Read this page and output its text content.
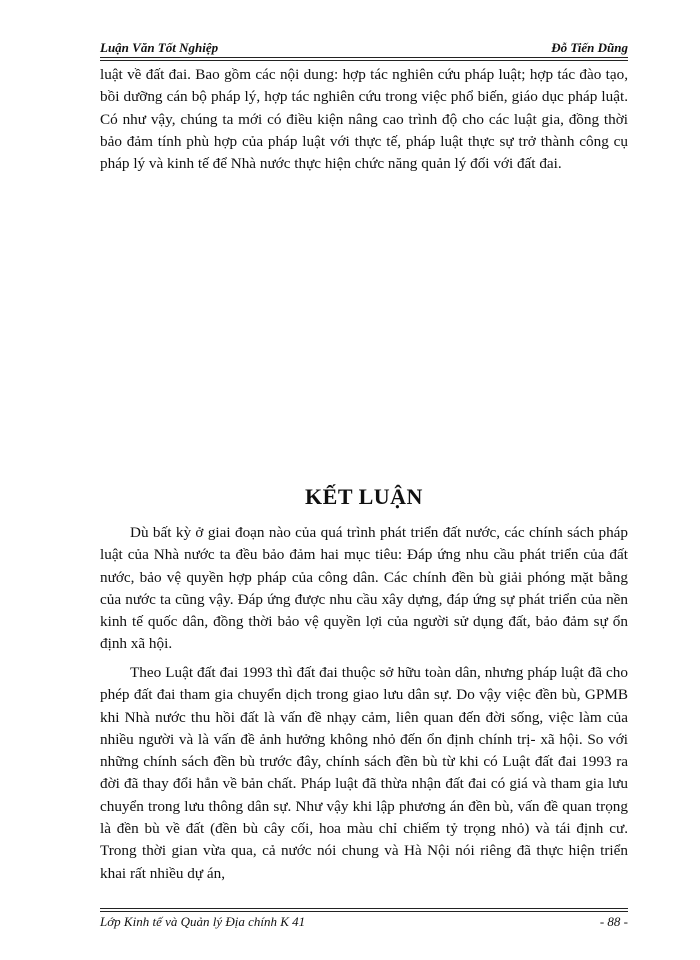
Luận Văn Tốt Nghiệp	Đỗ Tiến Dũng
luật về đất đai. Bao gồm các nội dung: hợp tác nghiên cứu pháp luật; hợp tác đào tạo, bồi dưỡng cán bộ pháp lý, hợp tác nghiên cứu trong việc phổ biến, giáo dục pháp luật. Có như vậy, chúng ta mới có điều kiện nâng cao trình độ cho các luật gia, đồng thời bảo đảm tính phù hợp của pháp luật với thực tế, pháp luật thực sự trở thành công cụ pháp lý và kinh tế để Nhà nước thực hiện chức năng quản lý đối với đất đai.
KẾT LUẬN
Dù bất kỳ ở giai đoạn nào của quá trình phát triển đất nước, các chính sách pháp luật của Nhà nước ta đều bảo đảm hai mục tiêu: Đáp ứng nhu cầu phát triển của đất nước, bảo vệ quyền hợp pháp của công dân. Các chính đền bù giải phóng mặt bằng của nước ta cũng vậy. Đáp ứng được nhu cầu xây dựng, đáp ứng sự phát triển của nền kinh tế quốc dân, đồng thời bảo vệ quyền lợi của người sử dụng đất, bảo đảm sự ổn định xã hội.
Theo Luật đất đai 1993 thì đất đai thuộc sở hữu toàn dân, nhưng pháp luật đã cho phép đất đai tham gia chuyển dịch trong giao lưu dân sự. Do vậy việc đền bù, GPMB khi Nhà nước thu hồi đất là vấn đề nhạy cảm, liên quan đến đời sống, việc làm của nhiều người và là vấn đề ảnh hưởng không nhỏ đến ổn định chính trị- xã hội. So với những chính sách đền bù trước đây, chính sách đền bù từ khi có Luật đất đai 1993 ra đời đã thay đổi hẳn về bản chất. Pháp luật đã thừa nhận đất đai có giá và tham gia lưu chuyển trong lưu thông dân sự. Như vậy khi lập phương án đền bù, vấn đề quan trọng là đền bù về đất (đền bù cây cối, hoa màu chỉ chiếm tỷ trọng nhỏ) và tái định cư. Trong thời gian vừa qua, cả nước nói chung và Hà Nội nói riêng đã thực hiện triển khai rất nhiều dự án,
Lớp Kinh tế và Quản lý Địa chính K 41	- 88 -
